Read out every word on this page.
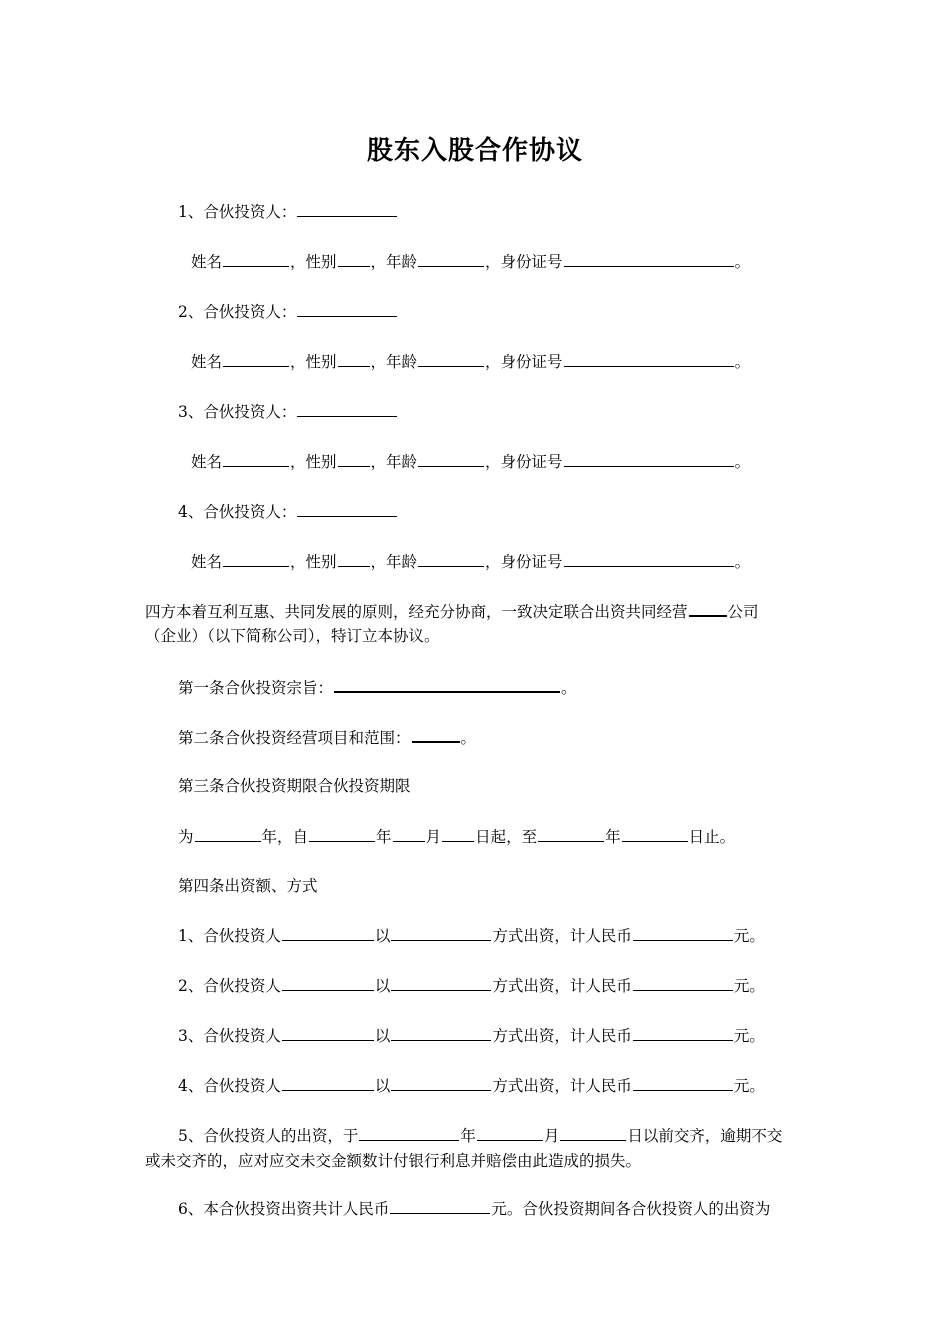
股东入股合作协议
1、合伙投资人：
姓名	，性别 ，年龄	，身份证号	。
2、合伙投资人：
姓名	，性别 ，年龄	，身份证号	。
3、合伙投资人：
姓名	，性别 ，年龄	，身份证号	。
4、合伙投资人：
姓名	，性别 ，年龄	，身份证号	。
四方本着互利互惠、共同发展的原则，经充分协商，一致决定联合出资共同经营	公司
（企业）（以下简称公司），特订立本协议。
第一条合伙投资宗旨：	。
第二条合伙投资经营项目和范围：	。
第三条合伙投资期限合伙投资期限
为	年，自	年 月 日起，至	年	日止。
第四条出资额、方式
1、合伙投资人	以	方式出资，计人民币	元。
2、合伙投资人	以	方式出资，计人民币	元。
3、合伙投资人	以	方式出资，计人民币	元。
4、合伙投资人	以	方式出资，计人民币	元。
5、合伙投资人的出资，于	年	月	日以前交齐，逾期不交
或未交齐的，应对应交未交金额数计付银行利息并赔偿由此造成的损失。
6、本合伙投资出资共计人民币	元。合伙投资期间各合伙投资人的出资为
